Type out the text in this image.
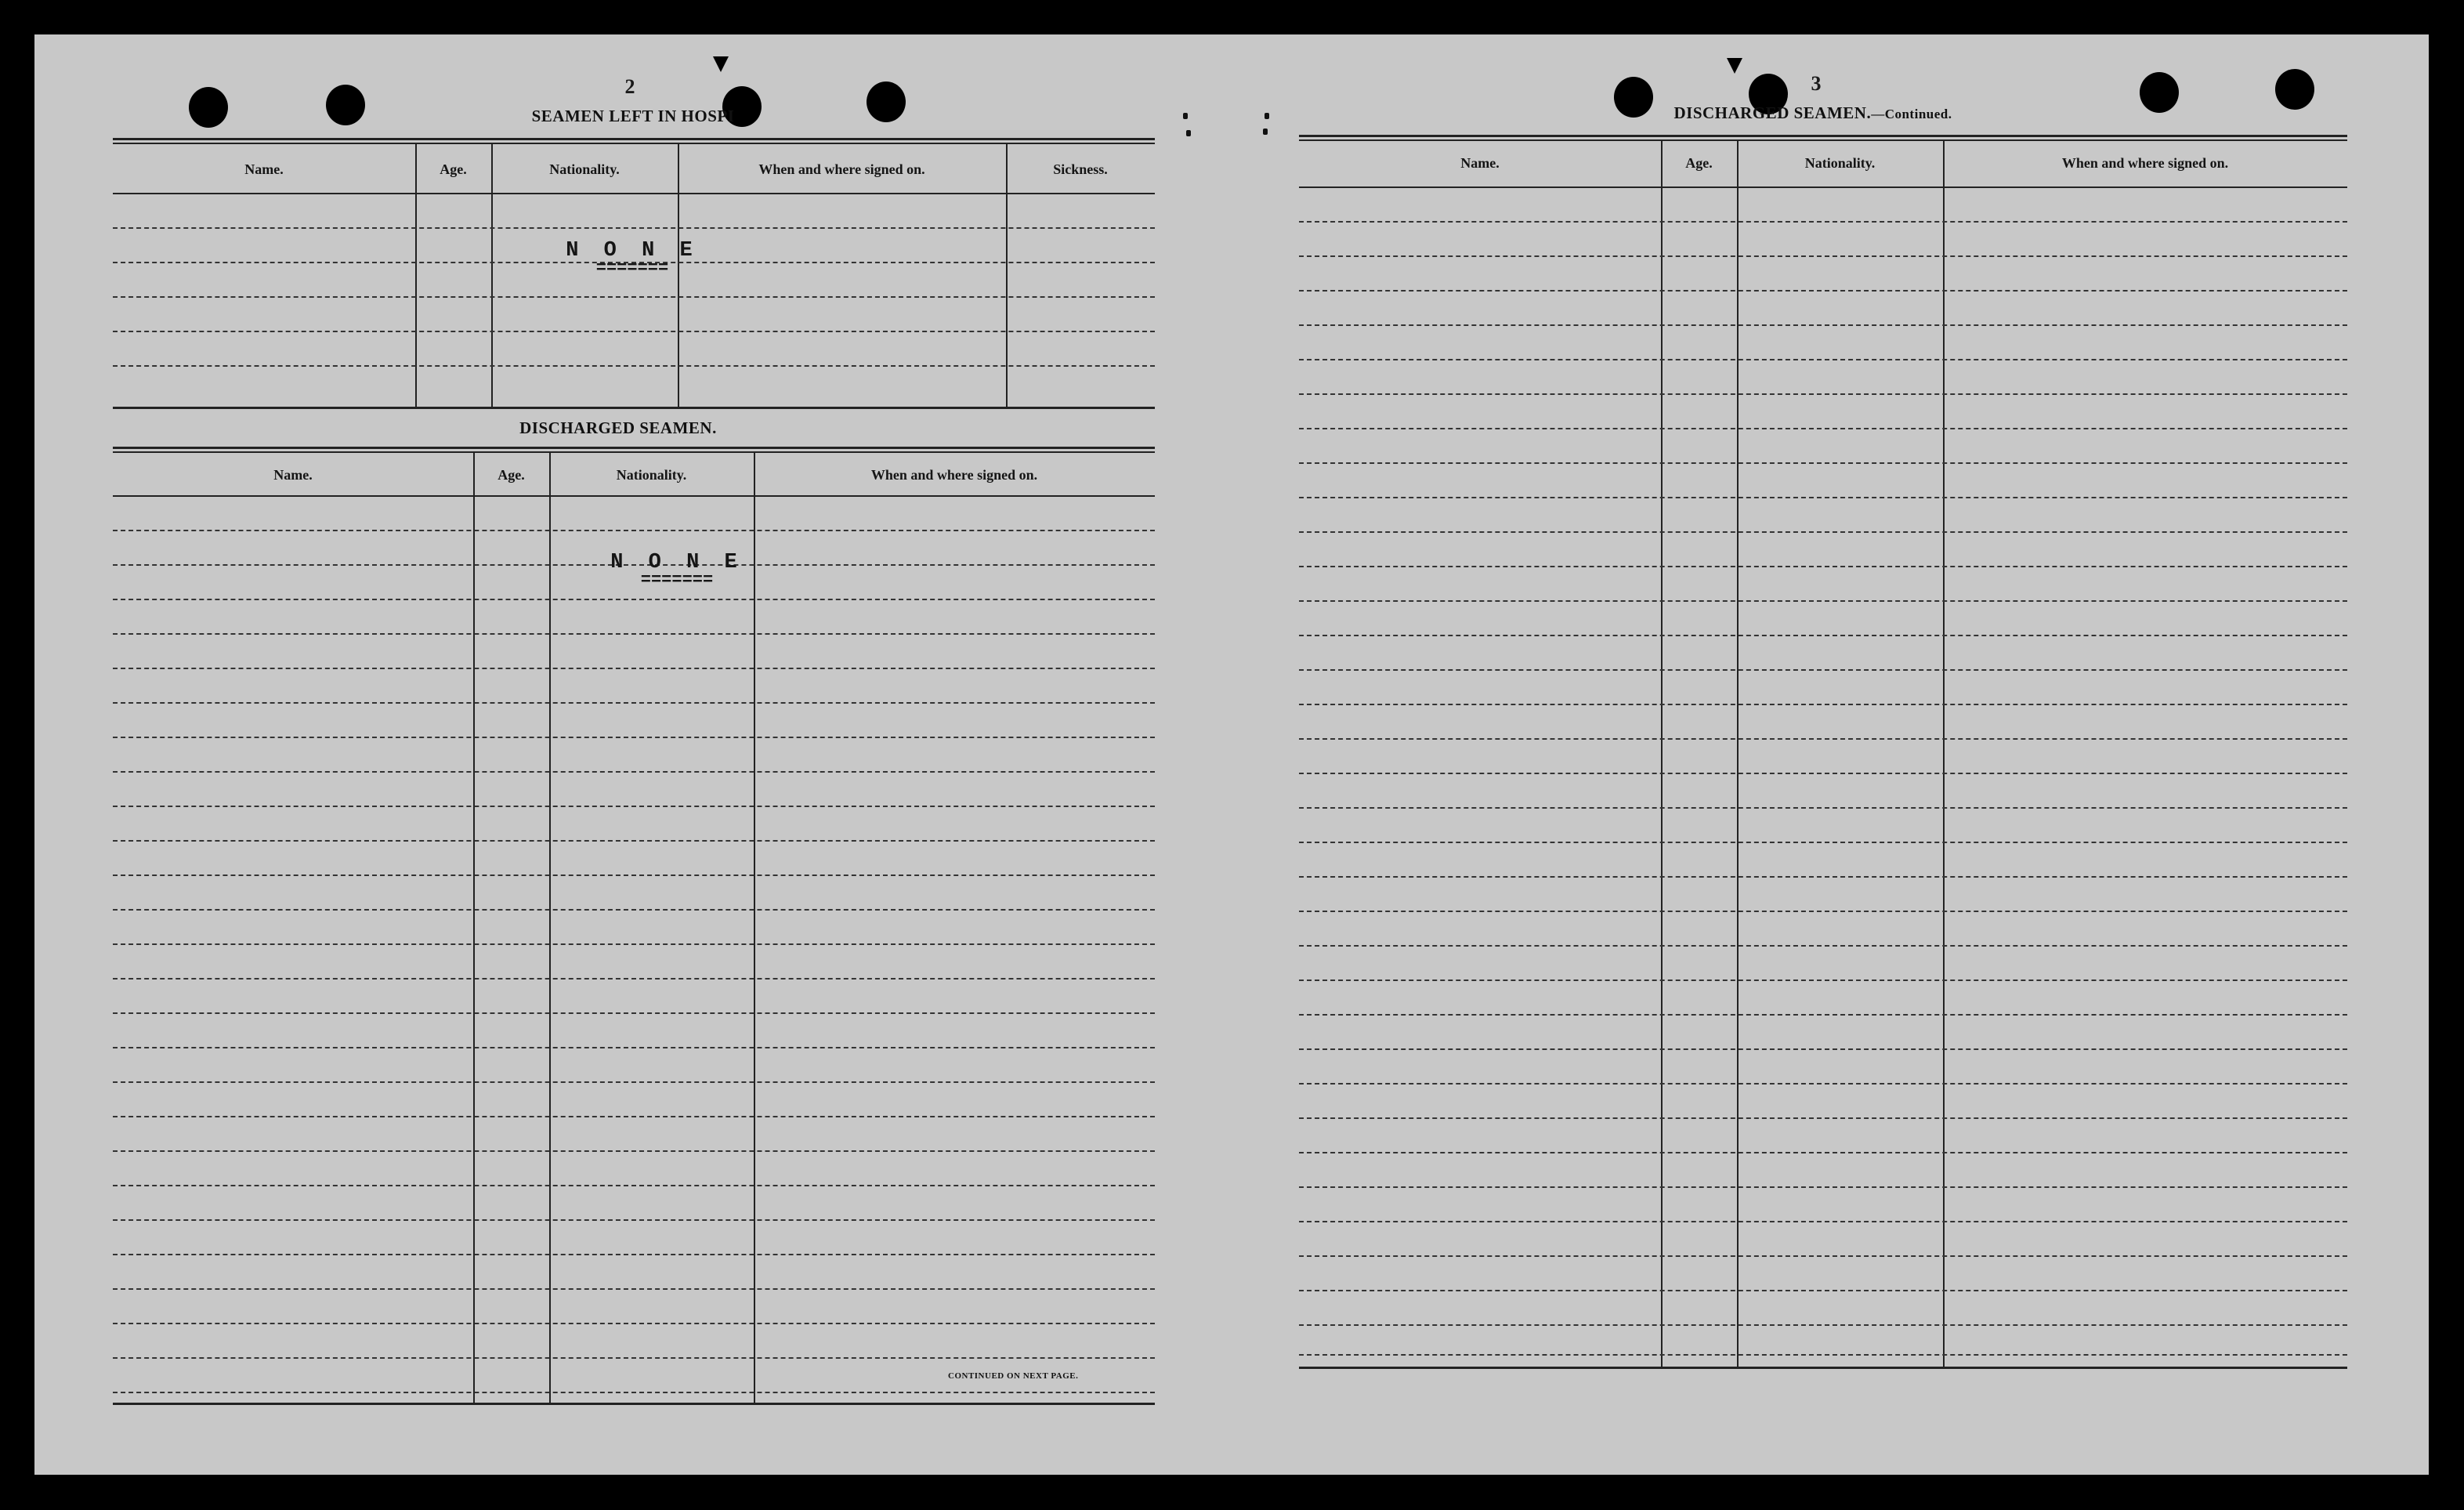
2
SEAMEN LEFT IN HOSPI
Name.	Age.	Nationality.	When and where signed on.	Sickness.
N O N E
=======
DISCHARGED SEAMEN.
Name.	Age.	Nationality.	When and where signed on.
N O N E
=======
CONTINUED ON NEXT PAGE.
3
DISCHARGED SEAMEN.—Continued.
Name.	Age.	Nationality.	When and where signed on.
